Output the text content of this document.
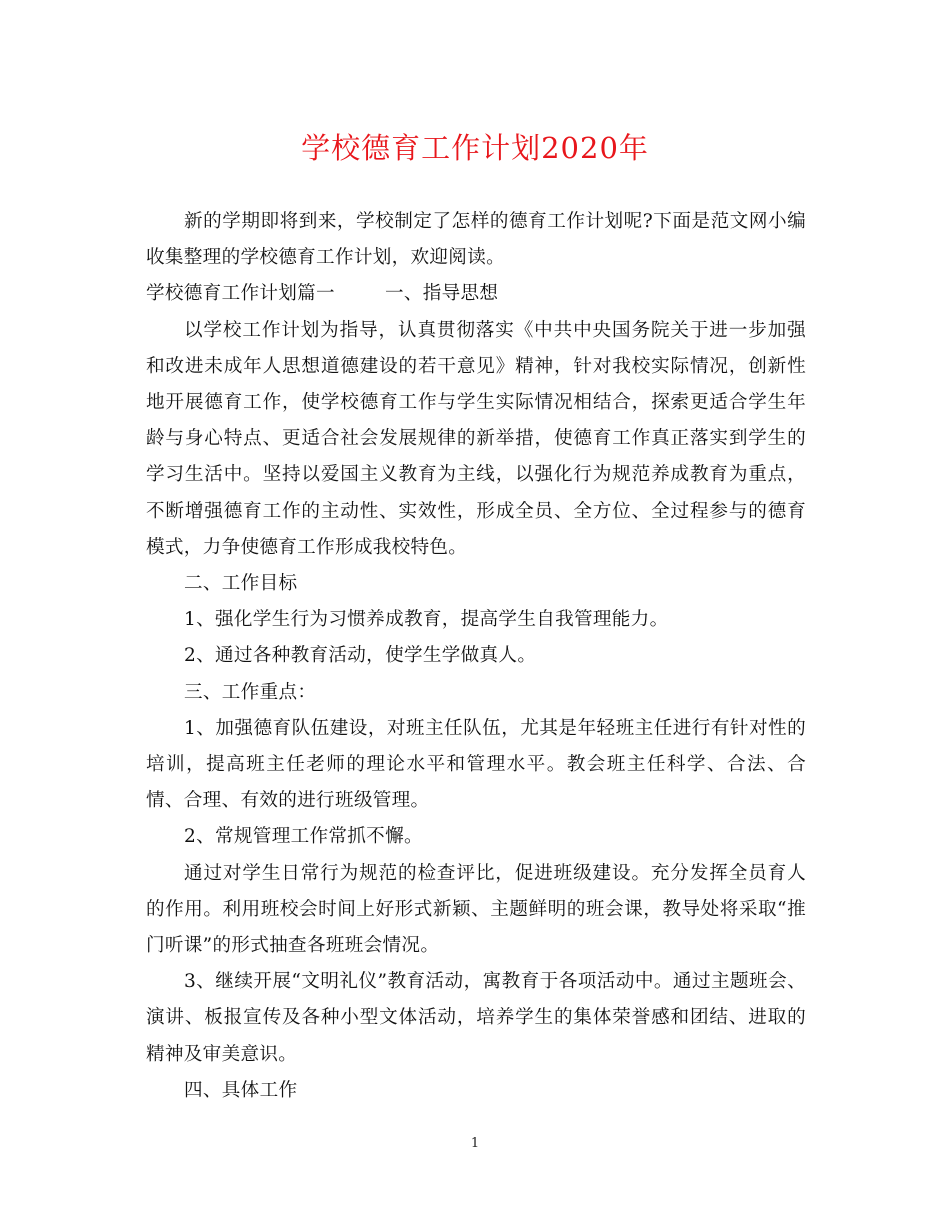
学校德育工作计划2020年

新的学期即将到来，学校制定了怎样的德育工作计划呢?下面是范文网小编收集整理的学校德育工作计划，欢迎阅读。

学校德育工作计划篇一	一、指导思想

以学校工作计划为指导，认真贯彻落实《中共中央国务院关于进一步加强和改进未成年人思想道德建设的若干意见》精神，针对我校实际情况，创新性地开展德育工作，使学校德育工作与学生实际情况相结合，探索更适合学生年龄与身心特点、更适合社会发展规律的新举措，使德育工作真正落实到学生的学习生活中。坚持以爱国主义教育为主线，以强化行为规范养成教育为重点，不断增强德育工作的主动性、实效性，形成全员、全方位、全过程参与的德育模式，力争使德育工作形成我校特色。

二、工作目标

1、强化学生行为习惯养成教育，提高学生自我管理能力。

2、通过各种教育活动，使学生学做真人。

三、工作重点：

1、加强德育队伍建设，对班主任队伍，尤其是年轻班主任进行有针对性的培训，提高班主任老师的理论水平和管理水平。教会班主任科学、合法、合情、合理、有效的进行班级管理。

2、常规管理工作常抓不懈。

通过对学生日常行为规范的检查评比，促进班级建设。充分发挥全员育人的作用。利用班校会时间上好形式新颖、主题鲜明的班会课，教导处将采取“推门听课”的形式抽查各班班会情况。

3、继续开展“文明礼仪”教育活动，寓教育于各项活动中。通过主题班会、演讲、板报宣传及各种小型文体活动，培养学生的集体荣誉感和团结、进取的精神及审美意识。

四、具体工作

1
